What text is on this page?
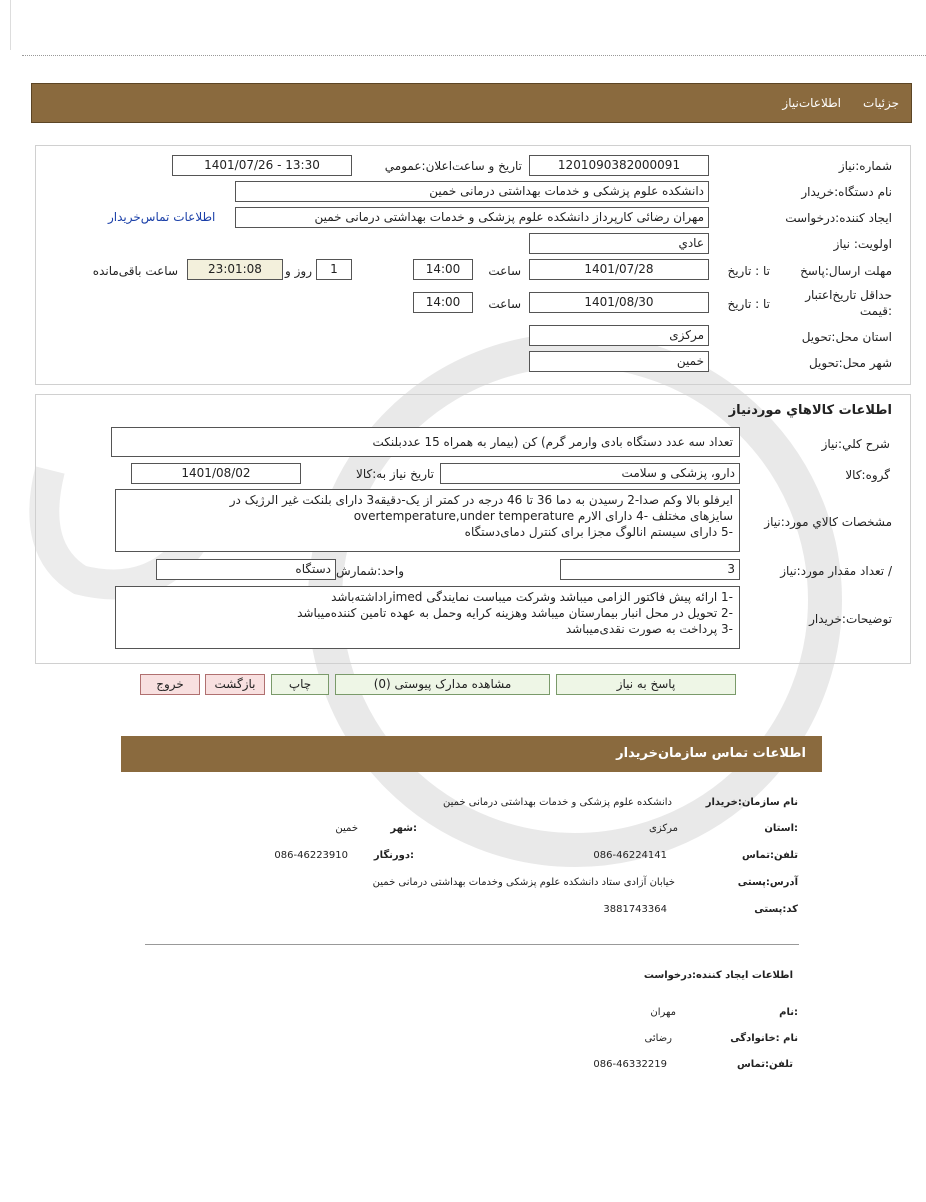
جزئیات
اطلاعات‌نیاز
شماره:نیاز
1201090382000091
تاریخ و ساعت‌اعلان:عمومي
1401/07/26 - 13:30
نام دستگاه:خریدار
دانشکده علوم پزشکی و خدمات بهداشتی درمانی خمین
ایجاد کننده:درخواست
مهران رضائی کارپرداز دانشکده علوم پزشکی و خدمات بهداشتی درمانی خمین
اطلاعات تماس‌خریدار
اولویت: نیاز
عادي
مهلت ارسال:پاسخ
تا : تاریخ
1401/07/28
ساعت
14:00
1
روز و
23:01:08
ساعت باقی‌مانده
حداقل تاریخ‌اعتبار
:قیمت
تا : تاریخ
1401/08/30
ساعت
14:00
استان محل:تحویل
مرکزی
شهر محل:تحویل
خمین
اطلاعات کالاهاي موردنياز
شرح کلي:نياز
تعداد سه عدد دستگاه بادی وارمر گرم) کن (بیمار به همراه 15 عددبلنکت
گروه:کالا
دارو، پزشکی و سلامت
تاریخ نیاز به:کالا
1401/08/02
مشخصات کالاي مورد:نياز
ایرفلو بالا وکم صدا-2 رسیدن به دما 36 تا 46 درجه در کمتر از یک-دقیقه3 دارای بلنکت غیر الرژیک در
سایزهای مختلف -4 دارای الارم overtemperature,under temperature
-5 دارای سیستم انالوگ مجزا برای کنترل دمای‌دستگاه
/ تعداد مقدار مورد:نیاز
3
واحد:شمارش
دستگاه
توضیحات:خریدار
-1 ارائه پیش فاکتور الزامی میباشد وشرکت میباست نمایندگی imedراداشته‌باشد
-2 تحویل در محل انبار بیمارستان میباشد وهزینه کرایه وحمل به عهده تامین کننده‌میباشد
-3 پرداخت به صورت نقدی‌میباشد
پاسخ به نیاز
مشاهده مدارک پیوستی (0)
چاپ
بازگشت
خروج
اطلاعات تماس سازمان‌خریدار
نام سازمان:خریدار
دانشکده علوم پزشکی و خدمات بهداشتی درمانی خمین
:استان
مرکزی
:شهر
خمین
تلفن:تماس
086-46224141
:دورنگار
086-46223910
آدرس:پستی
خیابان آزادی ستاد دانشکده علوم پزشکی وخدمات بهداشتی درمانی خمین
کد:پستی
3881743364
اطلاعات ایجاد کننده:درخواست
:نام
مهران
نام :خانوادگی
رضائی
تلفن:تماس
086-46332219
